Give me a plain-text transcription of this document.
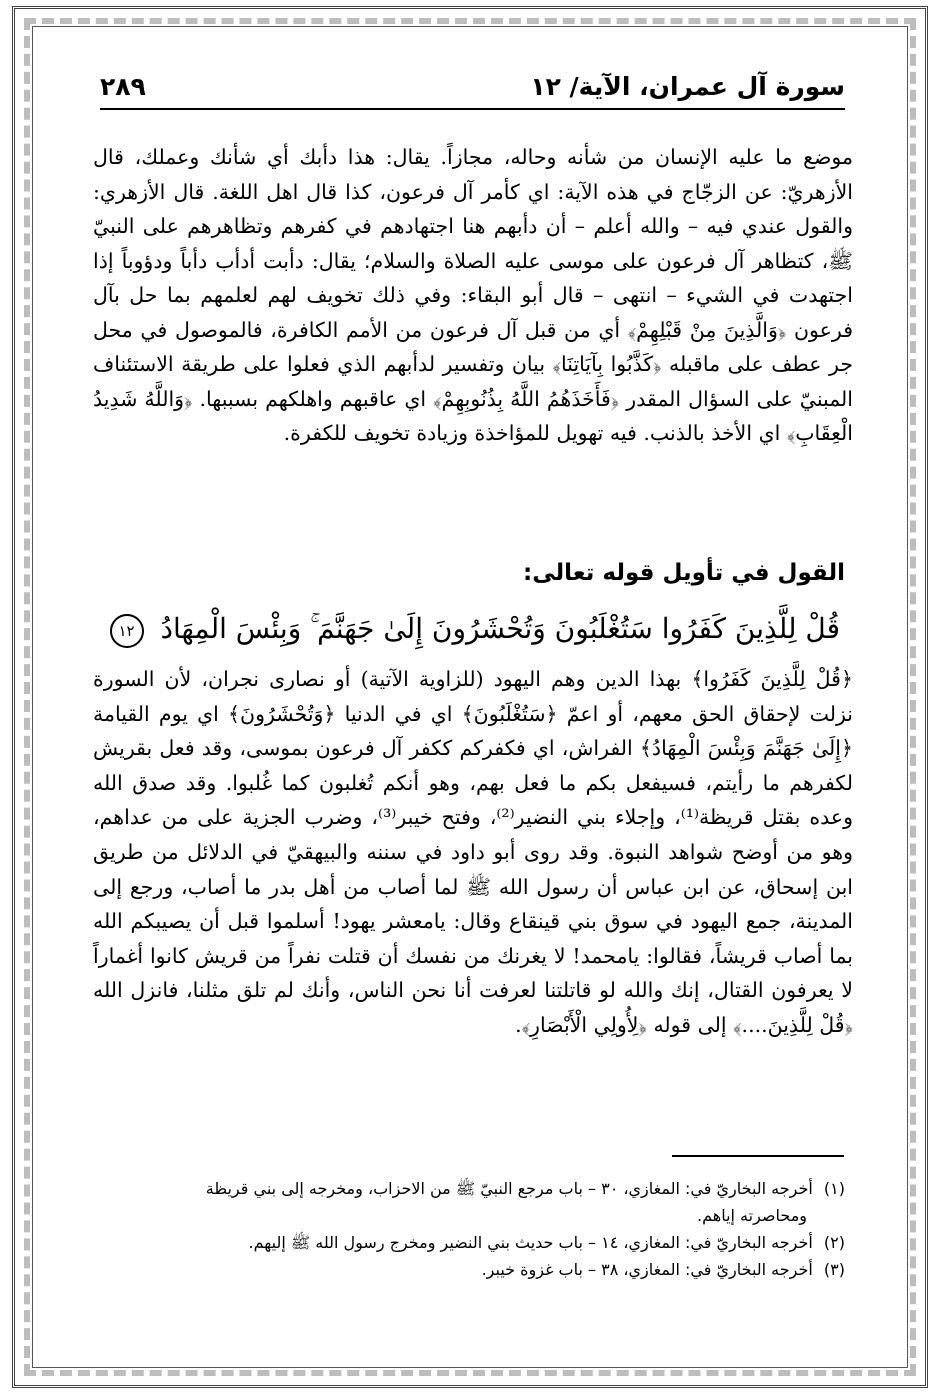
سورة آل عمران، الآية/ ١٢
٢٨٩

موضع ما عليه الإنسان من شأنه وحاله، مجازاً. يقال: هذا دأبك أي شأنك وعملك، قال الأزهريّ: عن الزجّاج في هذه الآية: اي كأمر آل فرعون، كذا قال اهل اللغة. قال الأزهري: والقول عندي فيه – والله أعلم – أن دأبهم هنا اجتهادهم في كفرهم وتظاهرهم على النبيّ ﷺ، كتظاهر آل فرعون على موسى عليه الصلاة والسلام؛ يقال: دأبت أدأب دأباً ودؤوباً إذا اجتهدت في الشيء – انتهى – قال أبو البقاء: وفي ذلك تخويف لهم لعلمهم بما حل بآل فرعون ﴿وَالَّذِينَ مِنْ قَبْلِهِمْ﴾ أي من قبل آل فرعون من الأمم الكافرة، فالموصول في محل جر عطف على ماقبله ﴿كَذَّبُوا بِآيَاتِنَا﴾ بيان وتفسير لدأبهم الذي فعلوا على طريقة الاستئناف المبنيّ على السؤال المقدر ﴿فَأَخَذَهُمُ اللَّهُ بِذُنُوبِهِمْ﴾ اي عاقبهم واهلكهم بسببها. ﴿وَاللَّهُ شَدِيدُ الْعِقَابِ﴾ اي الأخذ بالذنب. فيه تهويل للمؤاخذة وزيادة تخويف للكفرة.

القول في تأويل قوله تعالى:
قُلْ لِلَّذِينَ كَفَرُوا سَتُغْلَبُونَ وَتُحْشَرُونَ إِلَىٰ جَهَنَّمَ ۚ وَبِئْسَ الْمِهَادُ ١٢

﴿قُلْ لِلَّذِينَ كَفَرُوا﴾ بهذا الدين وهم اليهود (للزاوية الآتية) أو نصارى نجران، لأن السورة نزلت لإحقاق الحق معهم، أو اعمّ ﴿سَتُغْلَبُونَ﴾ اي في الدنيا ﴿وَتُحْشَرُونَ﴾ اي يوم القيامة ﴿إِلَىٰ جَهَنَّمَ وَبِئْسَ الْمِهَادُ﴾ الفراش، اي فكفركم ككفر آل فرعون بموسى، وقد فعل بقريش لكفرهم ما رأيتم، فسيفعل بكم ما فعل بهم، وهو أنكم تُغلبون كما غُلبوا. وقد صدق الله وعده بقتل قريظة⁽¹⁾، وإجلاء بني النضير⁽²⁾، وفتح خيبر⁽³⁾، وضرب الجزية على من عداهم، وهو من أوضح شواهد النبوة. وقد روى أبو داود في سننه والبيهقيّ في الدلائل من طريق ابن إسحاق، عن ابن عباس أن رسول الله ﷺ لما أصاب من أهل بدر ما أصاب، ورجع إلى المدينة، جمع اليهود في سوق بني قينقاع وقال: يامعشر يهود! أسلموا قبل أن يصيبكم الله بما أصاب قريشاً، فقالوا: يامحمد! لا يغرنك من نفسك أن قتلت نفراً من قريش كانوا أغماراً لا يعرفون القتال، إنك والله لو قاتلتنا لعرفت أنا نحن الناس، وأنك لم تلق مثلنا، فانزل الله ﴿قُلْ لِلَّذِينَ....﴾ إلى قوله ﴿لِأُولِي الْأَبْصَارِ﴾.

(١) أخرجه البخاريّ في: المغازي، ٣٠ – باب مرجع النبيّ ﷺ من الاحزاب، ومخرجه إلى بني قريظة

ومحاصرته إياهم.

(٢) أخرجه البخاريّ في: المغازي، ١٤ – باب حديث بني النضير ومخرج رسول الله ﷺ إليهم.

(٣) أخرجه البخاريّ في: المغازي، ٣٨ – باب غزوة خيبر.
